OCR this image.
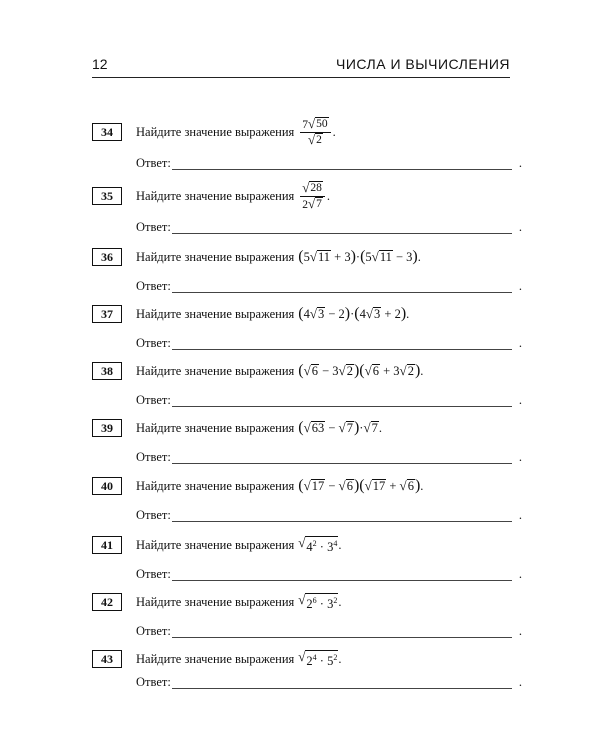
12	ЧИСЛА И ВЫЧИСЛЕНИЯ
34	Найдите значение выражения $\frac{7 √ 50}{√ 2}$ .
Ответ:	.
35	Найдите значение выражения $\frac{√ 28}{2 √ 7}$ .
Ответ:	.
36	Найдите значение выражения ( 5 √ 11
+
3 ) · ( 5 √ 11
−
3 ) .
Ответ:	.
37	Найдите значение выражения ( 4 √ 3
−
2 ) · ( 4 √ 3
+
2 ) .
Ответ:	.
38	Найдите значение выражения ( √ 6
−
3 √ 2 ) ( √ 6
+
3 √ 2 ) .
Ответ:	.
39	Найдите значение выражения ( √ 63
−
√ 7 ) · √ 7 .
Ответ:	.
40	Найдите значение выражения ( √ 17
−
√ 6 ) ( √ 17
+
√ 6 ) .
Ответ:	.
41	Найдите значение выражения √ $4^2 \cdot 3^4$ .
Ответ:	.
42	Найдите значение выражения √ $2^6 \cdot 3^2$ .
Ответ:	.
43	Найдите значение выражения √ $2^4 \cdot 5^2$ .
Ответ:	.
